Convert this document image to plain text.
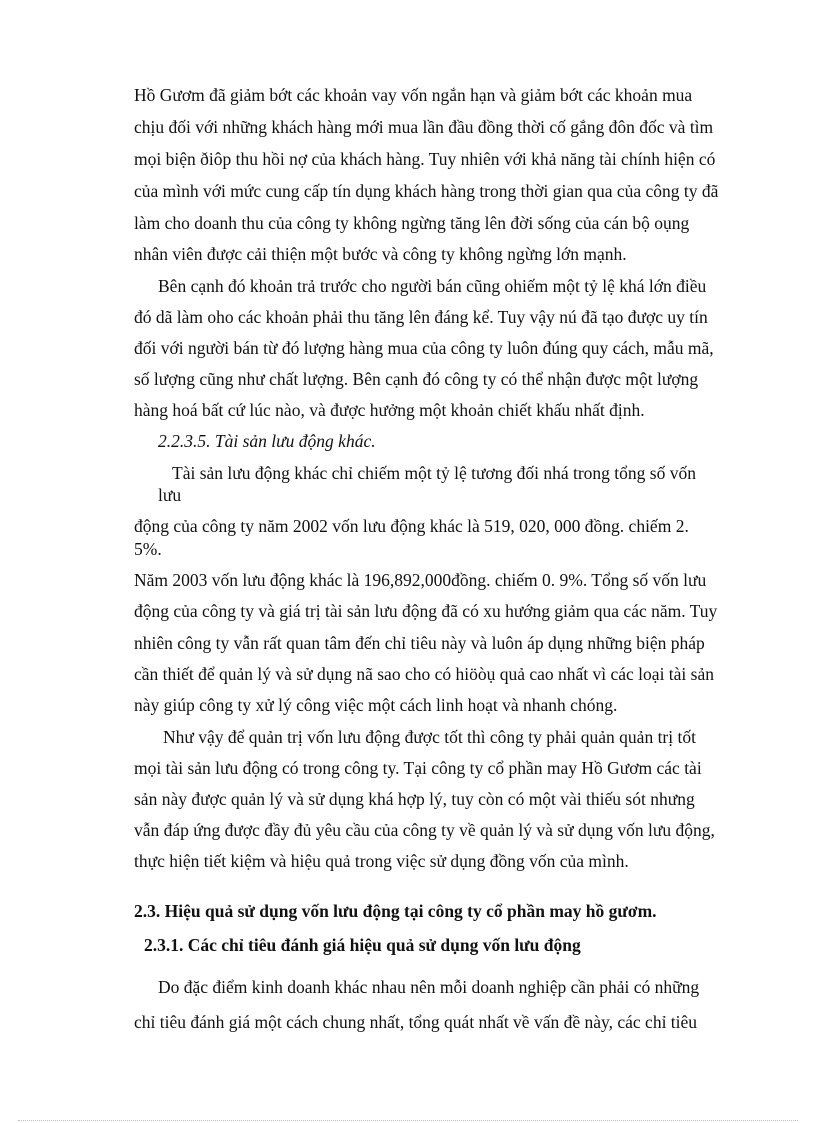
Hồ Gươm đã giảm bớt các khoản vay vốn ngắn hạn và giảm bớt các khoản mua
chịu đối với những khách hàng mới mua lần đầu đồng thời cố gắng đôn đốc và tìm
mọi biện ðiôp thu hồi nợ của khách hàng. Tuy nhiên với khả năng tài chính hiện có
của mình với mức cung cấp tín dụng khách hàng trong thời gian qua của công ty đã
làm cho doanh thu của công ty không ngừng tăng lên đời sống của cán bộ oụng
nhân viên được cải thiện một bước và công ty không ngừng lớn mạnh.
Bên cạnh đó khoản trả trước cho người bán cũng ohiếm một tỷ lệ khá lớn điều
đó dã làm oho các khoản phải thu tăng lên đáng kể. Tuy vậy nú đã tạo được uy tín
đối với người bán từ đó lượng hàng mua của công ty luôn đúng quy cách, mẫu mã,
số lượng cũng như chất lượng. Bên cạnh đó công ty có thể nhận được một lượng
hàng hoá bất cứ lúc nào, và được hưởng một khoản chiết khấu nhất định.
2.2.3.5. Tài sản lưu động khác.
Tài sản lưu động khác chỉ chiếm một tỷ lệ tương đối nhá trong tổng số vốn
lưu
động của công ty năm 2002 vốn lưu động khác là 519, 020, 000 đồng. chiếm 2.
5%.
Năm 2003 vốn lưu động khác là 196,892,000đồng. chiếm 0. 9%. Tổng số vốn lưu
động của công ty và giá trị tài sản lưu động đã có xu hướng giảm qua các năm. Tuy
nhiên công ty vẫn rất quan tâm đến chỉ tiêu này và luôn áp dụng những biện pháp
cần thiết để quản lý và sử dụng nã sao cho có hiöòụ quả cao nhất vì các loại tài sản
này giúp công ty xử lý công việc một cách linh hoạt và nhanh chóng.
Như vậy để quản trị vốn lưu động được tốt thì công ty phải quản quản trị tốt
mọi tài sản lưu động có trong công ty. Tại công ty cổ phần may Hồ Gươm các tài
sản này được quản lý và sử dụng khá hợp lý, tuy còn có một vài thiếu sót nhưng
vẫn đáp ứng được đầy đủ yêu cầu của công ty về quản lý và sử dụng vốn lưu động,
thực hiện tiết kiệm và hiệu quả trong việc sử dụng đồng vốn của mình.
2.3. Hiệu quả sử dụng vốn lưu động tại công ty cổ phần may hồ gươm.
2.3.1. Các chỉ tiêu đánh giá hiệu quả sử dụng vốn lưu động
Do đặc điểm kinh doanh khác nhau nên mỗi doanh nghiệp cần phải có những
chỉ tiêu đánh giá một cách chung nhất, tổng quát nhất về vấn đề này, các chỉ tiêu
